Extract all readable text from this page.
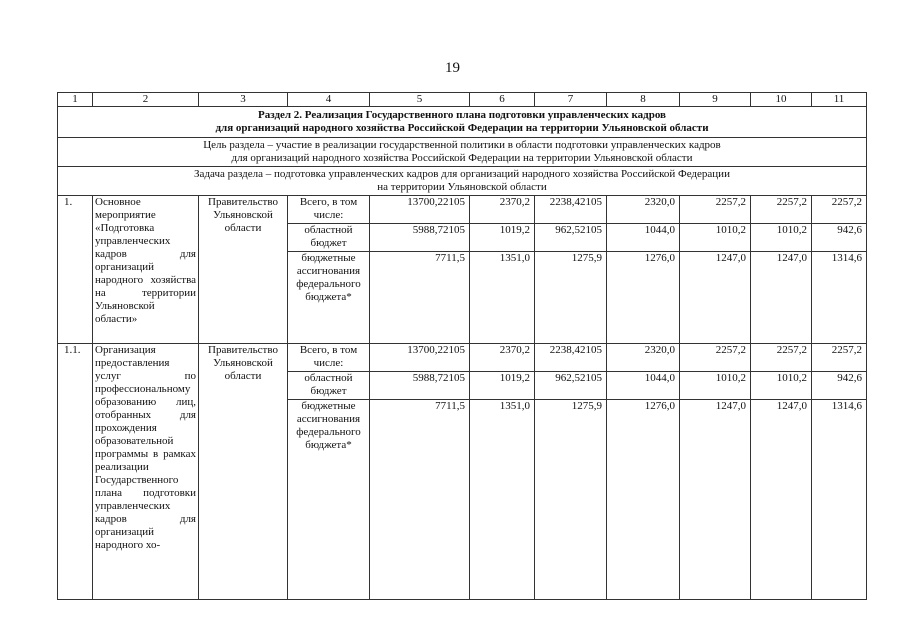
19
1	2	3	4	5	6	7	8	9	10	11

Раздел 2. Реализация Государственного плана подготовки управленческих кадров
для организаций народного хозяйства Российской Федерации на территории Ульяновской области										

Цель раздела – участие в реализации государственной политики в области подготовки управленческих кадров
для организаций народного хозяйства Российской Федерации на территории Ульяновской области										

Задача раздела – подготовка управленческих кадров для организаций народного хозяйства Российской Федерации
на территории Ульяновской области										

1.	Основное мероприятие «Подготовка управленческих кадров для организаций народного хозяйства на территории Ульяновской области»	Правительство Ульяновской области	Всего, в том числе:	13700,22105	2370,2	2238,42105	2320,0	2257,2	2257,2	2257,2
			областной бюджет	5988,72105	1019,2	962,52105	1044,0	1010,2	1010,2	942,6
			бюджетные ассигнования федерального бюджета*	7711,5	1351,0	1275,9	1276,0	1247,0	1247,0	1314,6
1.1.	Организация предоставления услуг по профессиональному образованию лиц, отобранных для прохождения образовательной программы в рамках реализации Государственного плана подготовки управленческих кадров для организаций народного хо-	Правительство Ульяновской области	Всего, в том числе:	13700,22105	2370,2	2238,42105	2320,0	2257,2	2257,2	2257,2
			областной бюджет	5988,72105	1019,2	962,52105	1044,0	1010,2	1010,2	942,6
			бюджетные ассигнования федерального бюджета*	7711,5	1351,0	1275,9	1276,0	1247,0	1247,0	1314,6
